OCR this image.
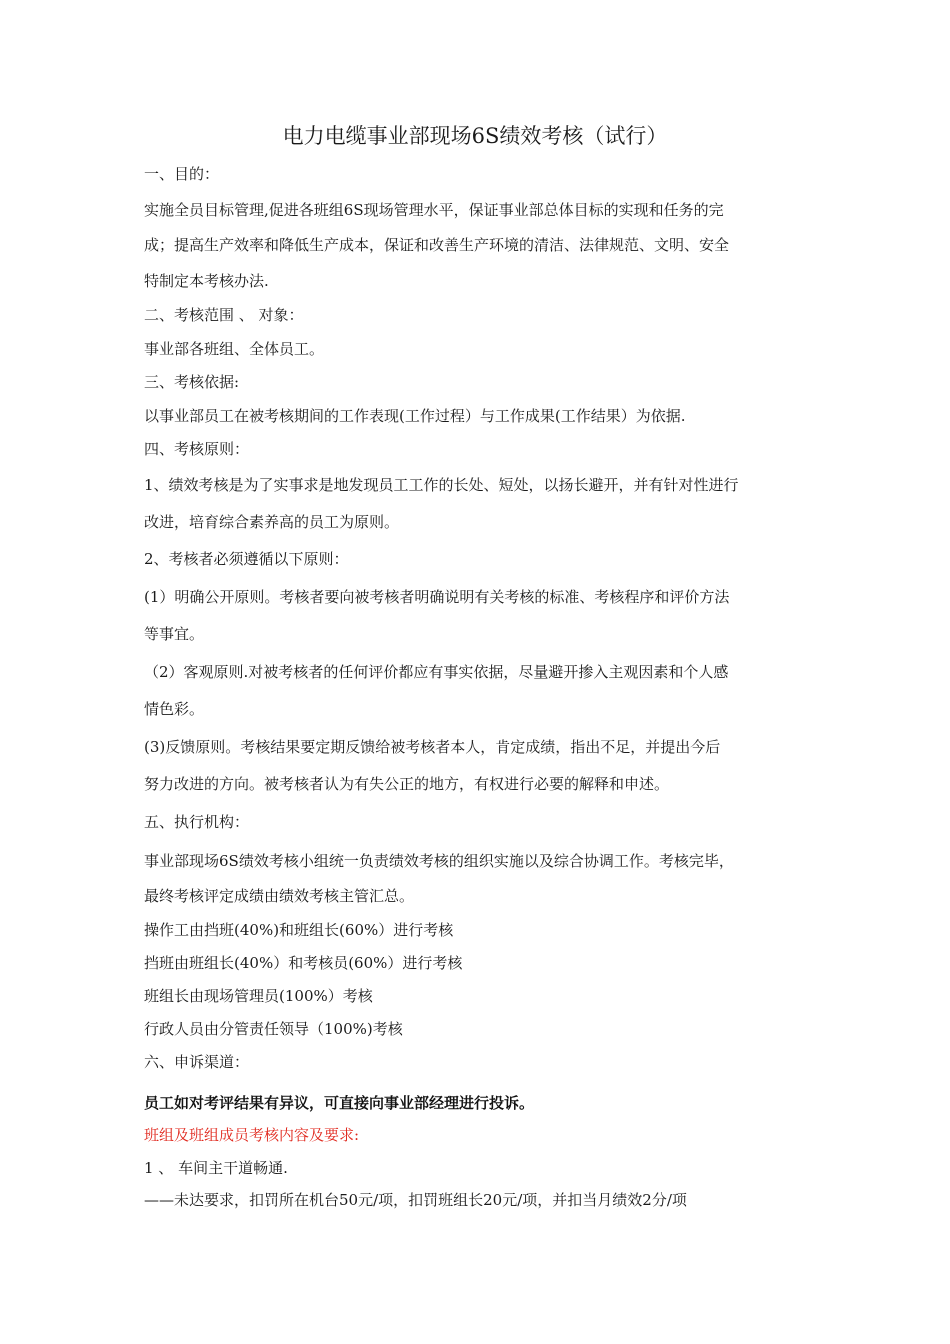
电力电缆事业部现场6S绩效考核（试行）
一、目的：
实施全员目标管理,促进各班组6S现场管理水平，保证事业部总体目标的实现和任务的完
成；提高生产效率和降低生产成本，保证和改善生产环境的清洁、法律规范、文明、安全
特制定本考核办法.
二、考核范围 、 对象：
事业部各班组、全体员工。
三、考核依据:
以事业部员工在被考核期间的工作表现(工作过程）与工作成果(工作结果）为依据.
四、考核原则：
1、绩效考核是为了实事求是地发现员工工作的长处、短处，以扬长避开，并有针对性进行
改进，培育综合素养高的员工为原则。
2、考核者必须遵循以下原则：
(1）明确公开原则。考核者要向被考核者明确说明有关考核的标准、考核程序和评价方法
等事宜。
（2）客观原则.对被考核者的任何评价都应有事实依据，尽量避开掺入主观因素和个人感
情色彩。
(3)反馈原则。考核结果要定期反馈给被考核者本人，肯定成绩，指出不足，并提出今后
努力改进的方向。被考核者认为有失公正的地方，有权进行必要的解释和申述。
五、执行机构：
事业部现场6S绩效考核小组统一负责绩效考核的组织实施以及综合协调工作。考核完毕，
最终考核评定成绩由绩效考核主管汇总。
操作工由挡班(40%)和班组长(60%）进行考核
挡班由班组长(40%）和考核员(60%）进行考核
班组长由现场管理员(100%）考核
行政人员由分管责任领导（100%)考核
六、申诉渠道：
员工如对考评结果有异议，可直接向事业部经理进行投诉。
班组及班组成员考核内容及要求:
1 、 车间主干道畅通.
——未达要求，扣罚所在机台50元/项，扣罚班组长20元/项，并扣当月绩效2分/项
